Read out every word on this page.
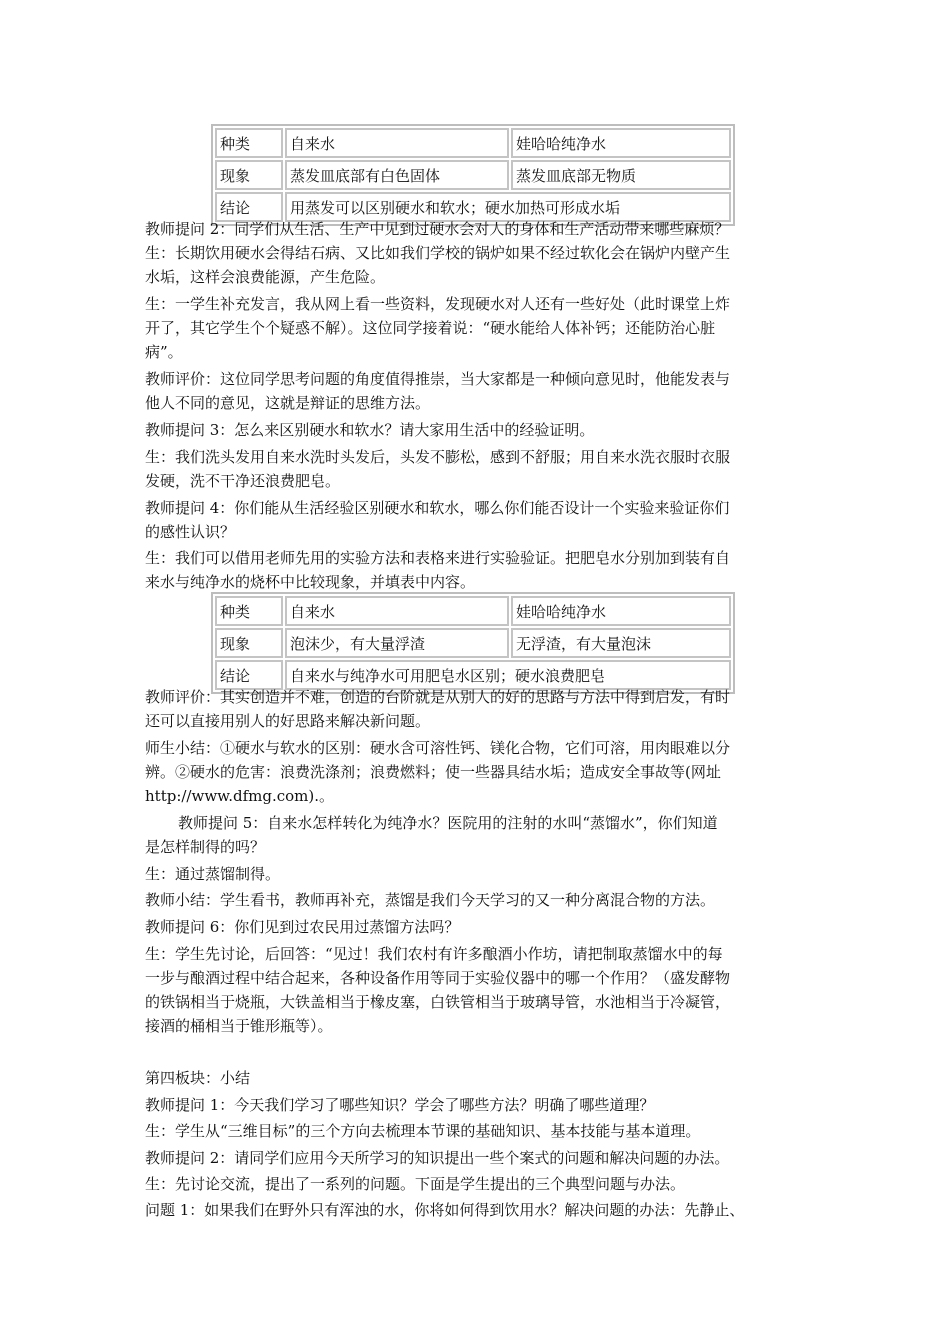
种类	自来水	娃哈哈纯净水
现象	蒸发皿底部有白色固体	蒸发皿底部无物质
结论	用蒸发可以区别硬水和软水；硬水加热可形成水垢	
教师提问 2：同学们从生活、生产中见到过硬水会对人的身体和生产活动带来哪些麻烦？
生：长期饮用硬水会得结石病、又比如我们学校的锅炉如果不经过软化会在锅炉内壁产生
水垢，这样会浪费能源，产生危险。
生：一学生补充发言，我从网上看一些资料，发现硬水对人还有一些好处（此时课堂上炸
开了，其它学生个个疑惑不解）。这位同学接着说：“硬水能给人体补钙；还能防治心脏
病”。
教师评价：这位同学思考问题的角度值得推崇，当大家都是一种倾向意见时，他能发表与
他人不同的意见，这就是辩证的思维方法。
教师提问 3：怎么来区别硬水和软水？请大家用生活中的经验证明。
生：我们洗头发用自来水洗时头发后，头发不膨松，感到不舒服；用自来水洗衣服时衣服
发硬，洗不干净还浪费肥皂。
教师提问 4：你们能从生活经验区别硬水和软水，哪么你们能否设计一个实验来验证你们
的感性认识？
生：我们可以借用老师先用的实验方法和表格来进行实验验证。把肥皂水分别加到装有自
来水与纯净水的烧杯中比较现象，并填表中内容。
种类	自来水	娃哈哈纯净水
现象	泡沫少，有大量浮渣	无浮渣，有大量泡沫
结论	自来水与纯净水可用肥皂水区别；硬水浪费肥皂	
教师评价：其实创造并不难，创造的台阶就是从别人的好的思路与方法中得到启发，有时
还可以直接用别人的好思路来解决新问题。
师生小结：①硬水与软水的区别：硬水含可溶性钙、镁化合物，它们可溶，用肉眼难以分
辨。②硬水的危害：浪费洗涤剂；浪费燃料；使一些器具结水垢；造成安全事故等(网址
http://www.dfmg.com).。
教师提问 5：自来水怎样转化为纯净水？医院用的注射的水叫“蒸馏水”，你们知道
是怎样制得的吗？
生：通过蒸馏制得。
教师小结：学生看书，教师再补充，蒸馏是我们今天学习的又一种分离混合物的方法。
教师提问 6：你们见到过农民用过蒸馏方法吗？
生：学生先讨论，后回答：“见过！我们农村有许多酿酒小作坊，请把制取蒸馏水中的每
一步与酿酒过程中结合起来，各种设备作用等同于实验仪器中的哪一个作用？（盛发酵物
的铁锅相当于烧瓶，大铁盖相当于橡皮塞，白铁管相当于玻璃导管，水池相当于冷凝管，
接酒的桶相当于锥形瓶等）。
第四板块：小结
教师提问 1：今天我们学习了哪些知识？学会了哪些方法？明确了哪些道理？
生：学生从“三维目标”的三个方向去梳理本节课的基础知识、基本技能与基本道理。
教师提问 2：请同学们应用今天所学习的知识提出一些个案式的问题和解决问题的办法。
生：先讨论交流，提出了一系列的问题。下面是学生提出的三个典型问题与办法。
问题 1：如果我们在野外只有浑浊的水，你将如何得到饮用水？解决问题的办法：先静止、
